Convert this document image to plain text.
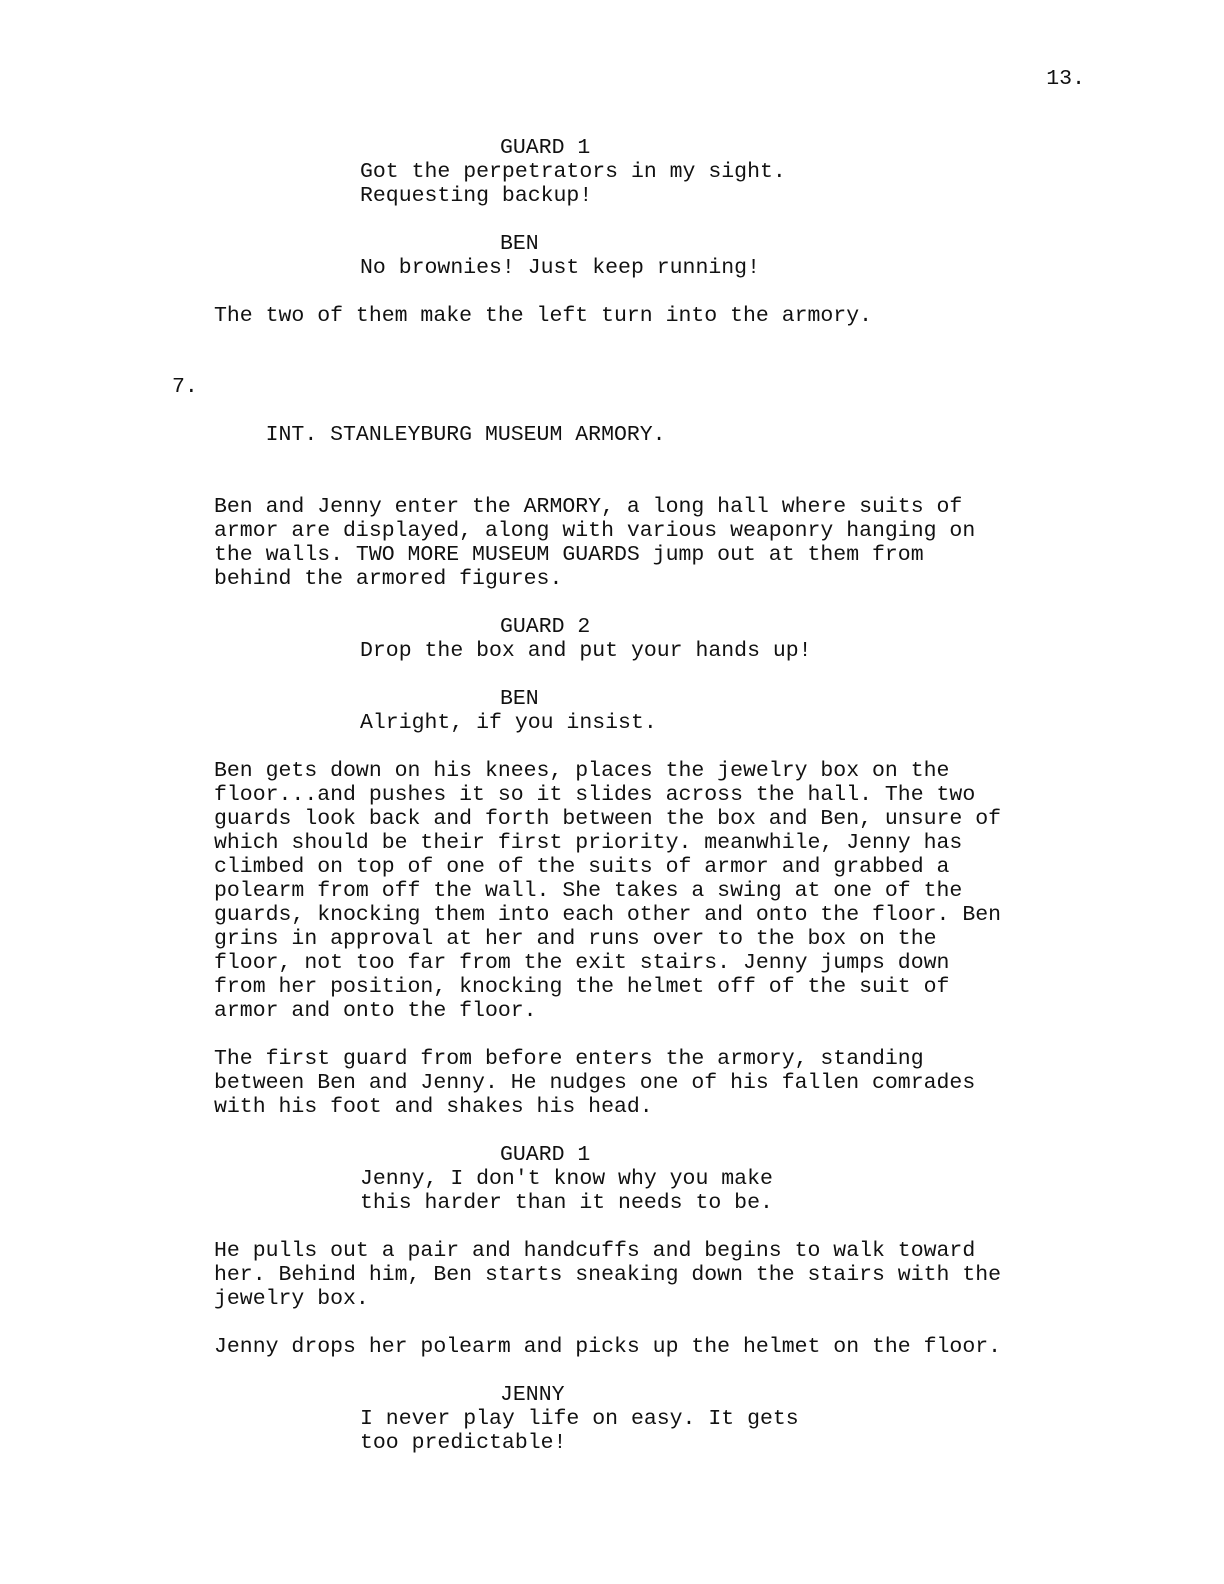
13.
GUARD 1
Got the perpetrators in my sight.
Requesting backup!
BEN
No brownies! Just keep running!
The two of them make the left turn into the armory.

7.

INT. STANLEYBURG MUSEUM ARMORY.

Ben and Jenny enter the ARMORY, a long hall where suits of
armor are displayed, along with various weaponry hanging on
the walls. TWO MORE MUSEUM GUARDS jump out at them from
behind the armored figures.
GUARD 2
Drop the box and put your hands up!
BEN
Alright, if you insist.
Ben gets down on his knees, places the jewelry box on the
floor...and pushes it so it slides across the hall. The two
guards look back and forth between the box and Ben, unsure of
which should be their first priority. meanwhile, Jenny has
climbed on top of one of the suits of armor and grabbed a
polearm from off the wall. She takes a swing at one of the
guards, knocking them into each other and onto the floor. Ben
grins in approval at her and runs over to the box on the
floor, not too far from the exit stairs. Jenny jumps down
from her position, knocking the helmet off of the suit of
armor and onto the floor.
The first guard from before enters the armory, standing
between Ben and Jenny. He nudges one of his fallen comrades
with his foot and shakes his head.
GUARD 1
Jenny, I don't know why you make
this harder than it needs to be.
He pulls out a pair and handcuffs and begins to walk toward
her. Behind him, Ben starts sneaking down the stairs with the
jewelry box.
Jenny drops her polearm and picks up the helmet on the floor.
JENNY
I never play life on easy. It gets
too predictable!
